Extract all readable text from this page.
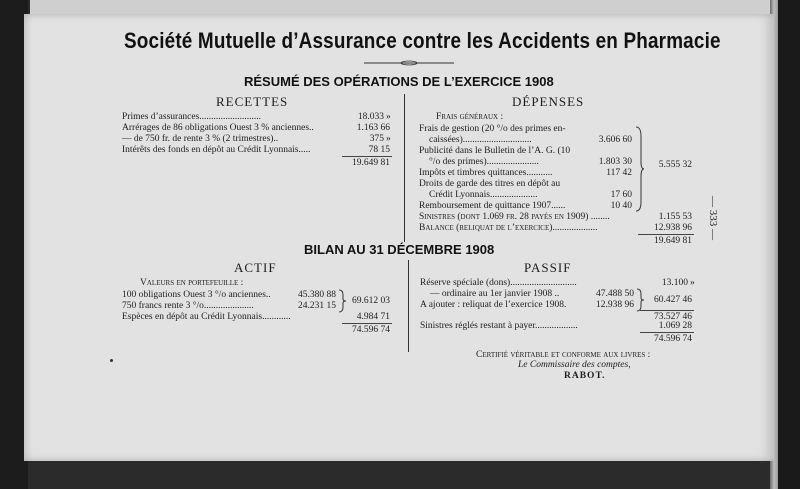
Société Mutuelle d’Assurance contre les Accidents en Pharmacie
RÉSUMÉ DES OPÉRATIONS DE L’EXERCICE 1908
RECETTES	DÉPENSES
Primes d’assurances..........................	18.033 »
Arrérages de 86 obligations Ouest 3 % anciennes..	1.163 66
— de 750 fr. de rente 3 % (2 trimestres)..	375 »
Intérêts des fonds en dépôt au Crédit Lyonnais.....	78 15
19.649 81
Frais généraux :
Frais de gestion (20 °/o des primes en-
caissées).............................	3.606 60
Publicité dans le Bulletin de l’A. G. (10
°/o des primes)......................	1.803 30
Impôts et timbres quittances...........	117 42
Droits de garde des titres en dépôt au
Crédit Lyonnais....................	17 60
Remboursement de quittance 1907......	10 40
5.555 32
Sinistres (dont 1.069 fr. 28 payés en 1909) ........	1.155 53
Balance (reliquat de l’exercice)...................	12.938 96
19.649 81
— 333 —
BILAN AU 31 DÉCEMBRE 1908
ACTIF	PASSIF
Valeurs en portefeuille :
100 obligations Ouest 3 °/o anciennes..	45.380 88
750 francs rente 3 °/o.....................	24.231 15	69.612 03
Espèces en dépôt au Crédit Lyonnais............	4.984 71
74.596 74
Réserve spéciale (dons)............................	13.100 »
— ordinaire au 1er janvier 1908 ..	47.488 50
A ajouter : reliquat de l’exercice 1908.	12.938 96	60.427 46
73.527 46
Sinistres réglés restant à payer..................	1.069 28
74.596 74
Certifié véritable et conforme aux livres :
Le Commissaire des comptes,
RABOT.
